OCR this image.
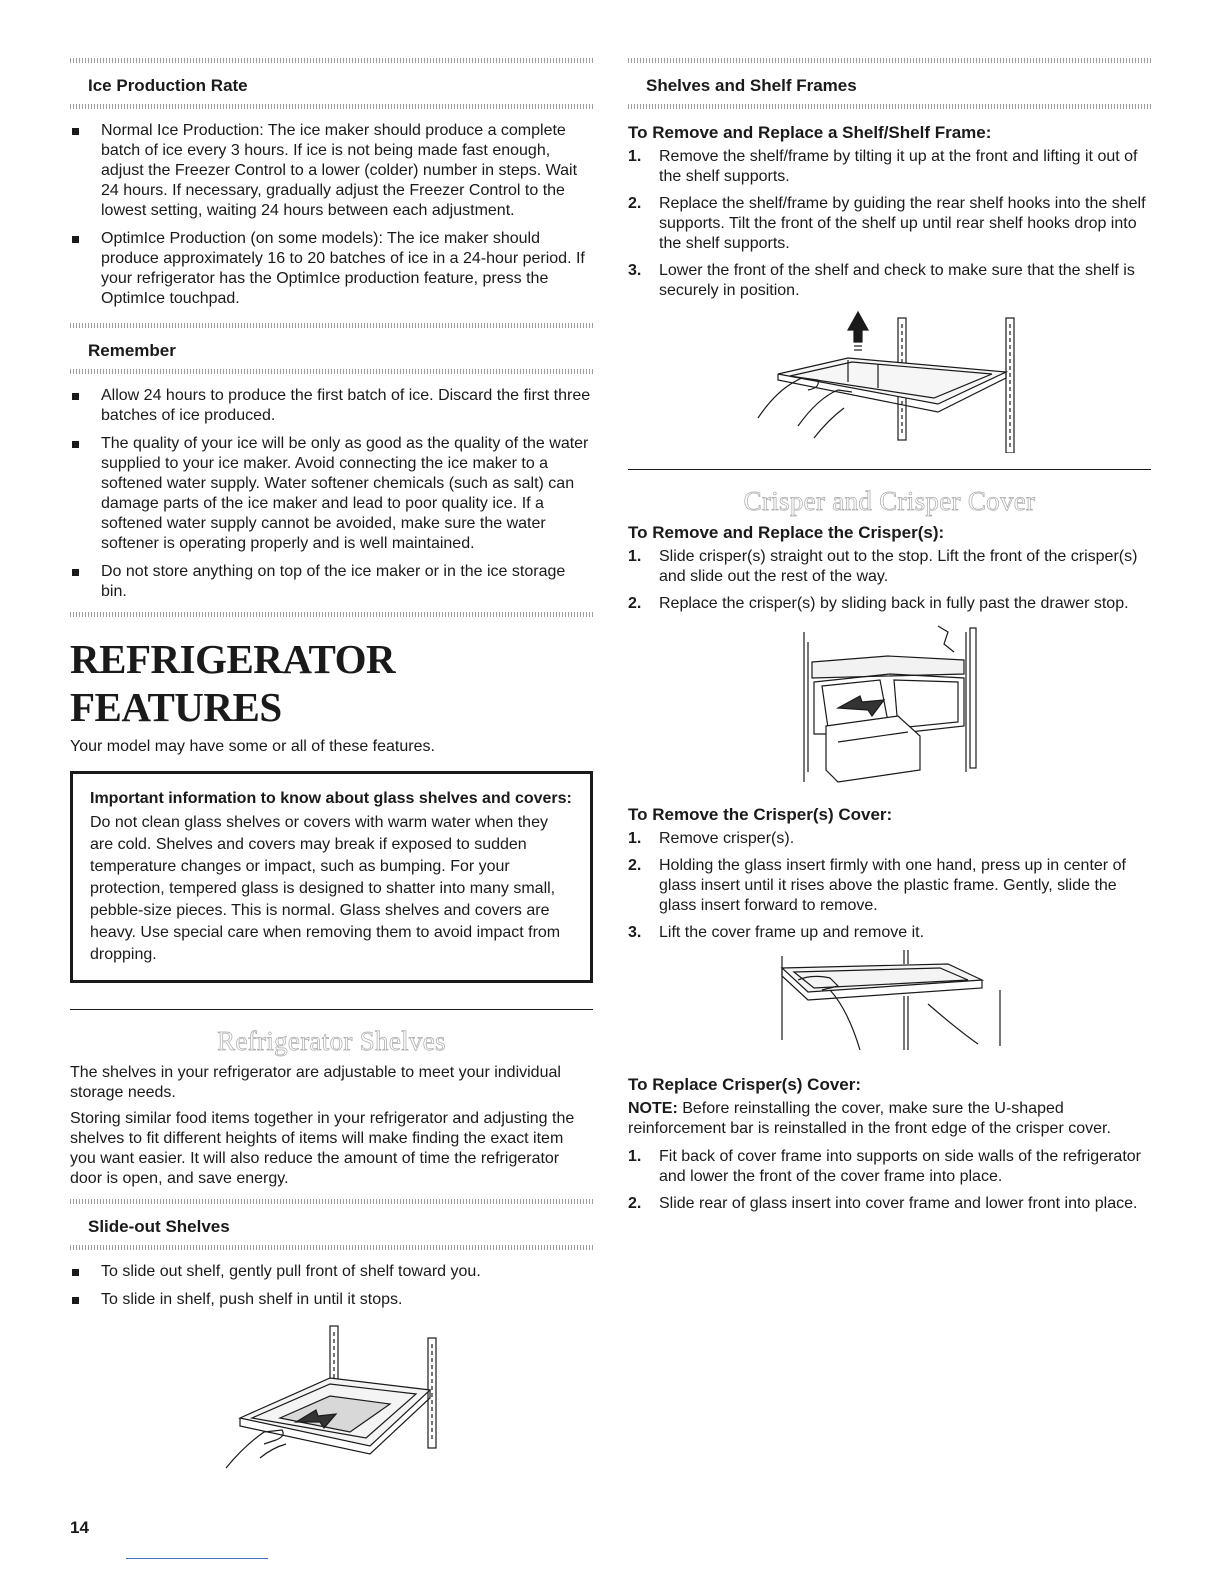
Ice Production Rate
Normal Ice Production: The ice maker should produce a complete batch of ice every 3 hours. If ice is not being made fast enough, adjust the Freezer Control to a lower (colder) number in steps. Wait 24 hours. If necessary, gradually adjust the Freezer Control to the lowest setting, waiting 24 hours between each adjustment.
OptimIce Production (on some models): The ice maker should produce approximately 16 to 20 batches of ice in a 24-hour period. If your refrigerator has the OptimIce production feature, press the OptimIce touchpad.
Remember
Allow 24 hours to produce the first batch of ice. Discard the first three batches of ice produced.
The quality of your ice will be only as good as the quality of the water supplied to your ice maker. Avoid connecting the ice maker to a softened water supply. Water softener chemicals (such as salt) can damage parts of the ice maker and lead to poor quality ice. If a softened water supply cannot be avoided, make sure the water softener is operating properly and is well maintained.
Do not store anything on top of the ice maker or in the ice storage bin.
REFRIGERATOR FEATURES
Your model may have some or all of these features.
Important information to know about glass shelves and covers:
Do not clean glass shelves or covers with warm water when they are cold. Shelves and covers may break if exposed to sudden temperature changes or impact, such as bumping. For your protection, tempered glass is designed to shatter into many small, pebble-size pieces. This is normal. Glass shelves and covers are heavy. Use special care when removing them to avoid impact from dropping.
Refrigerator Shelves
The shelves in your refrigerator are adjustable to meet your individual storage needs.
Storing similar food items together in your refrigerator and adjusting the shelves to fit different heights of items will make finding the exact item you want easier. It will also reduce the amount of time the refrigerator door is open, and save energy.
Slide-out Shelves
To slide out shelf, gently pull front of shelf toward you.
To slide in shelf, push shelf in until it stops.
Shelves and Shelf Frames
To Remove and Replace a Shelf/Shelf Frame:
1. Remove the shelf/frame by tilting it up at the front and lifting it out of the shelf supports.
2. Replace the shelf/frame by guiding the rear shelf hooks into the shelf supports. Tilt the front of the shelf up until rear shelf hooks drop into the shelf supports.
3. Lower the front of the shelf and check to make sure that the shelf is securely in position.
Crisper and Crisper Cover
To Remove and Replace the Crisper(s):
1. Slide crisper(s) straight out to the stop. Lift the front of the crisper(s) and slide out the rest of the way.
2. Replace the crisper(s) by sliding back in fully past the drawer stop.
To Remove the Crisper(s) Cover:
1. Remove crisper(s).
2. Holding the glass insert firmly with one hand, press up in center of glass insert until it rises above the plastic frame. Gently, slide the glass insert forward to remove.
3. Lift the cover frame up and remove it.
To Replace Crisper(s) Cover:
NOTE: Before reinstalling the cover, make sure the U-shaped reinforcement bar is reinstalled in the front edge of the crisper cover.
1. Fit back of cover frame into supports on side walls of the refrigerator and lower the front of the cover frame into place.
2. Slide rear of glass insert into cover frame and lower front into place.
14
